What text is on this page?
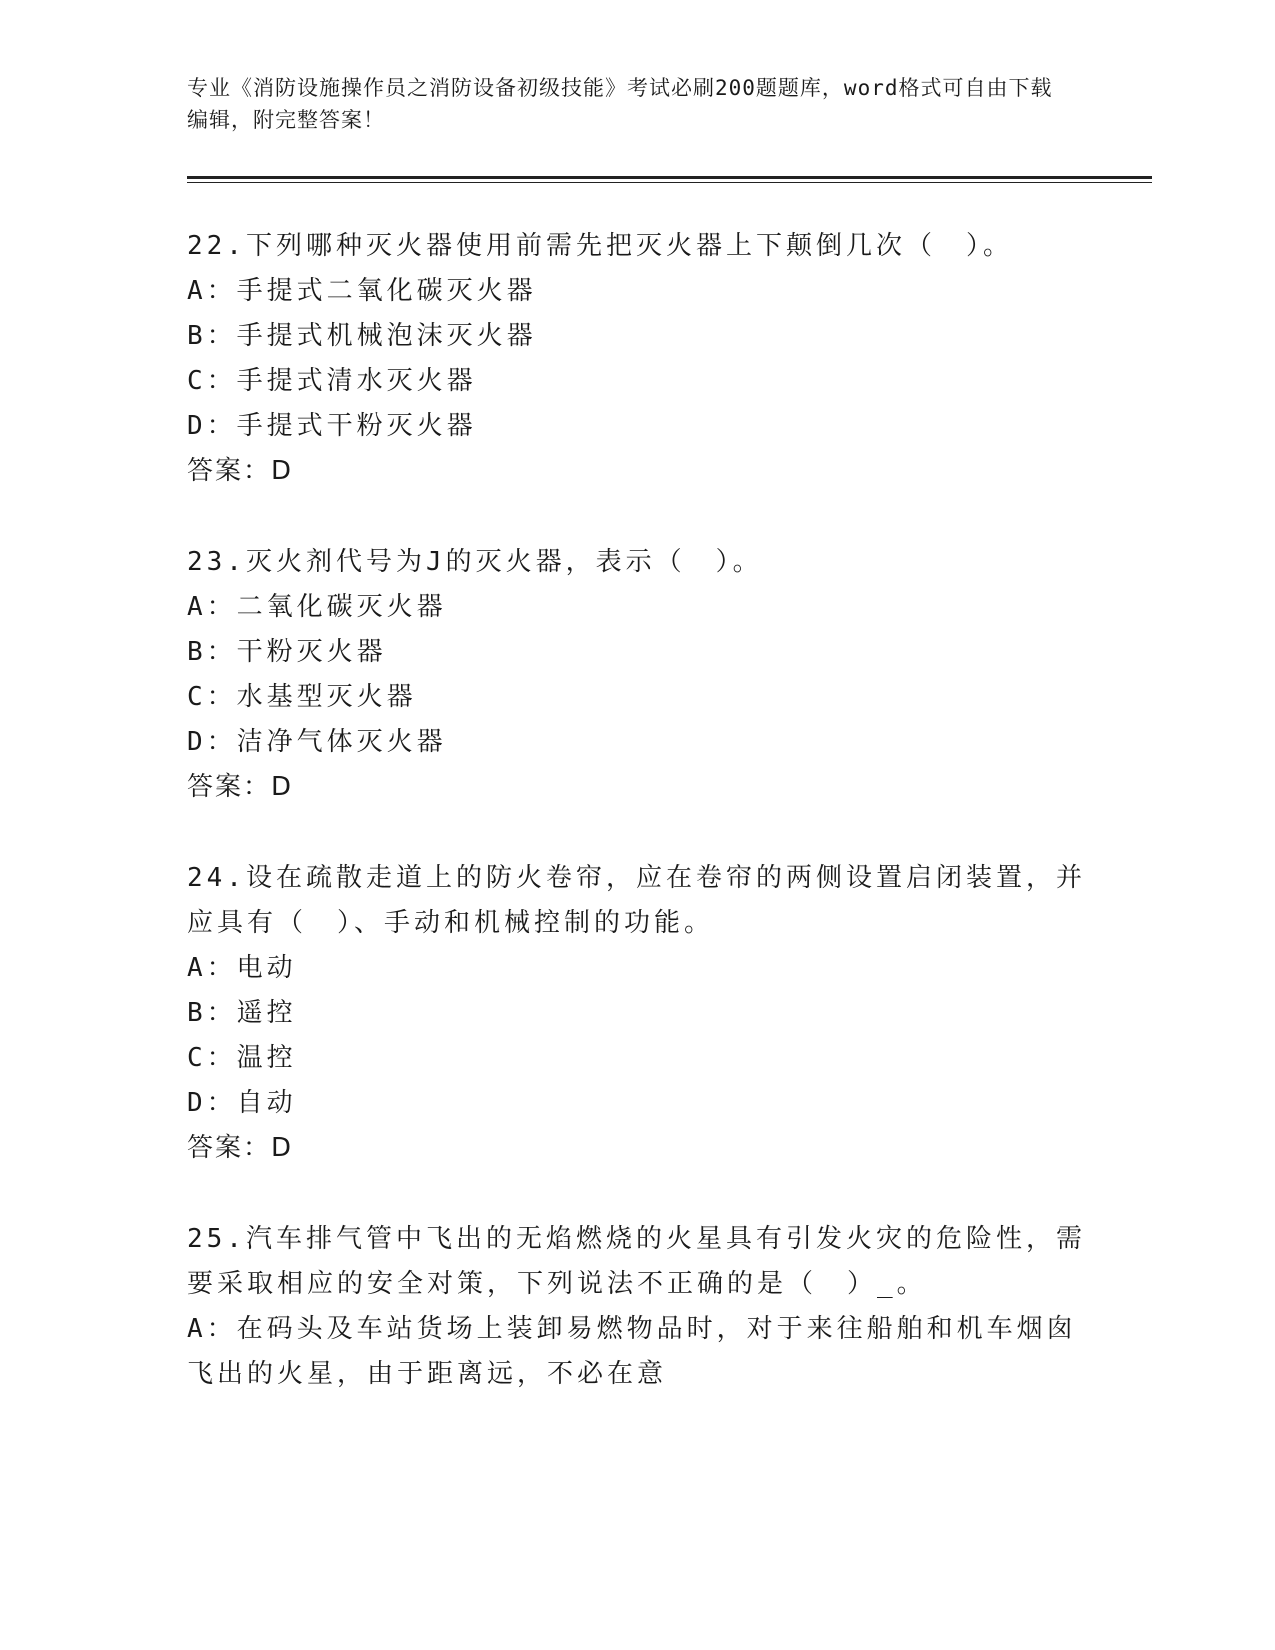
专业《消防设施操作员之消防设备初级技能》考试必刷200题题库，word格式可自由下载编辑，附完整答案！
22.下列哪种灭火器使用前需先把灭火器上下颠倒几次（　）。
A：手提式二氧化碳灭火器
B：手提式机械泡沫灭火器
C：手提式清水灭火器
D：手提式干粉灭火器
答案：D
23.灭火剂代号为J的灭火器，表示（　）。
A：二氧化碳灭火器
B：干粉灭火器
C：水基型灭火器
D：洁净气体灭火器
答案：D
24.设在疏散走道上的防火卷帘，应在卷帘的两侧设置启闭装置，并应具有（　）、手动和机械控制的功能。
A：电动
B：遥控
C：温控
D：自动
答案：D
25.汽车排气管中飞出的无焰燃烧的火星具有引发火灾的危险性，需要采取相应的安全对策，下列说法不正确的是（　）_。
A：在码头及车站货场上装卸易燃物品时，对于来往船舶和机车烟囱飞出的火星，由于距离远，不必在意
